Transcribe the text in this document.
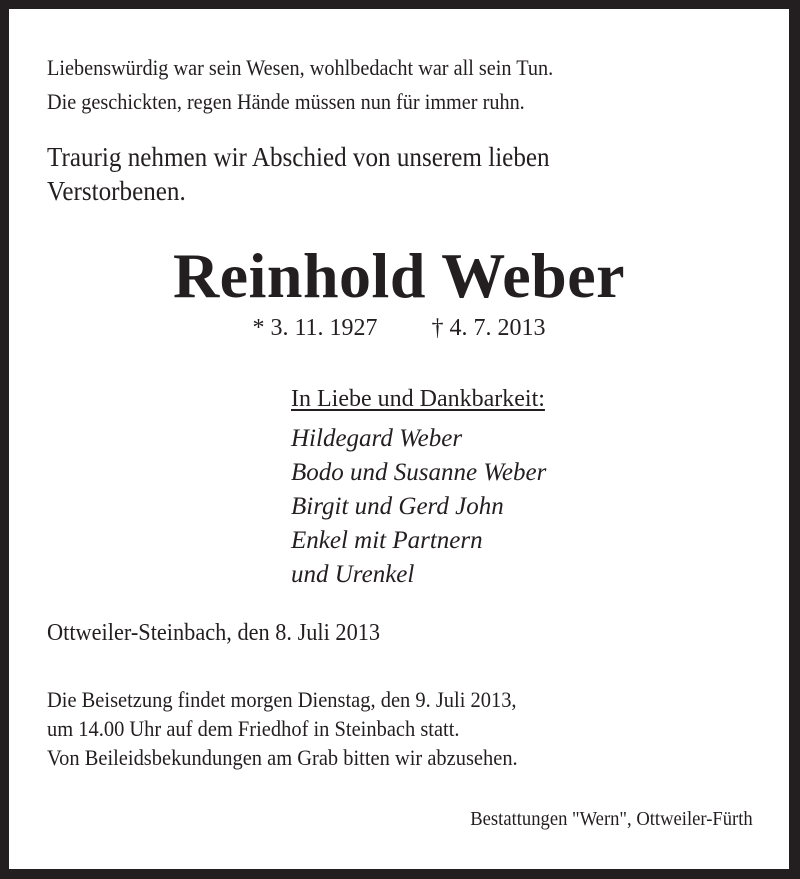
Liebenswürdig war sein Wesen, wohlbedacht war all sein Tun.
Die geschickten, regen Hände müssen nun für immer ruhn.
Traurig nehmen wir Abschied von unserem lieben
Verstorbenen.
Reinhold Weber
* 3. 11. 1927 † 4. 7. 2013
In Liebe und Dankbarkeit:
Hildegard Weber
Bodo und Susanne Weber
Birgit und Gerd John
Enkel mit Partnern
und Urenkel
Ottweiler-Steinbach, den 8. Juli 2013
Die Beisetzung findet morgen Dienstag, den 9. Juli 2013,
um 14.00 Uhr auf dem Friedhof in Steinbach statt.
Von Beileidsbekundungen am Grab bitten wir abzusehen.
Bestattungen "Wern", Ottweiler-Fürth
